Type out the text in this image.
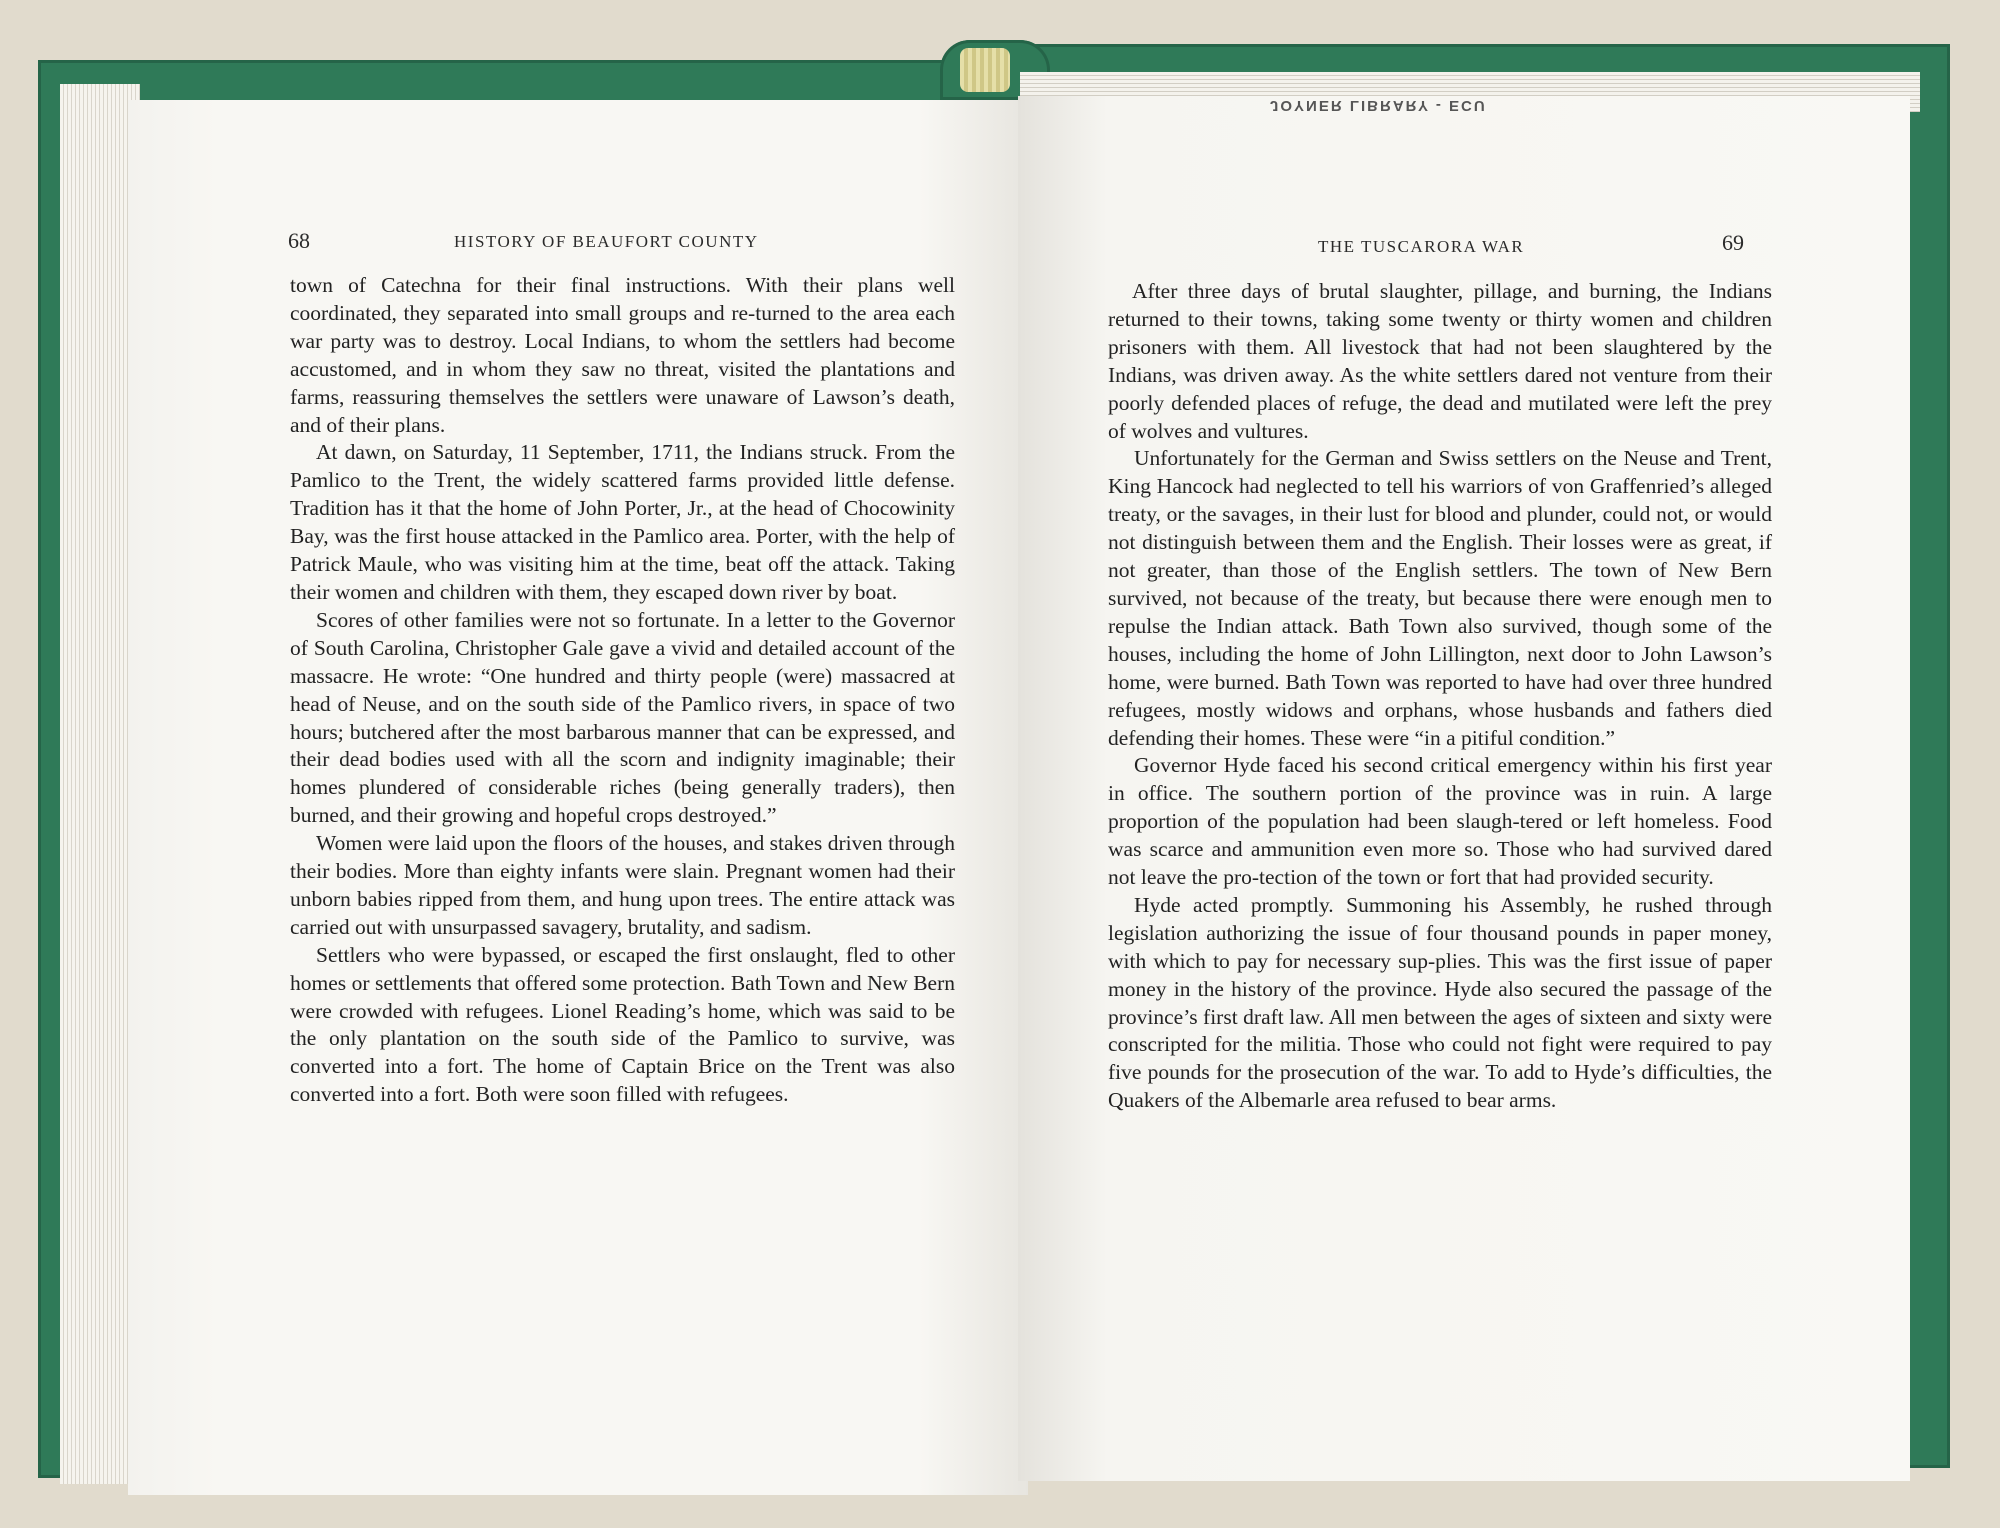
68	HISTORY OF BEAUFORT COUNTY

town of Catechna for their final instructions. With their plans well coordinated, they separated into small groups and re-turned to the area each war party was to destroy. Local Indians, to whom the settlers had become accustomed, and in whom they saw no threat, visited the plantations and farms, reassuring themselves the settlers were unaware of Lawson’s death, and of their plans.

At dawn, on Saturday, 11 September, 1711, the Indians struck. From the Pamlico to the Trent, the widely scattered farms provided little defense. Tradition has it that the home of John Porter, Jr., at the head of Chocowinity Bay, was the first house attacked in the Pamlico area. Porter, with the help of Patrick Maule, who was visiting him at the time, beat off the attack. Taking their women and children with them, they escaped down river by boat.

Scores of other families were not so fortunate. In a letter to the Governor of South Carolina, Christopher Gale gave a vivid and detailed account of the massacre. He wrote: “One hundred and thirty people (were) massacred at head of Neuse, and on the south side of the Pamlico rivers, in space of two hours; butchered after the most barbarous manner that can be expressed, and their dead bodies used with all the scorn and indignity imaginable; their homes plundered of considerable riches (being generally traders), then burned, and their growing and hopeful crops destroyed.”

Women were laid upon the floors of the houses, and stakes driven through their bodies. More than eighty infants were slain. Pregnant women had their unborn babies ripped from them, and hung upon trees. The entire attack was carried out with unsurpassed savagery, brutality, and sadism.

Settlers who were bypassed, or escaped the first onslaught, fled to other homes or settlements that offered some protection. Bath Town and New Bern were crowded with refugees. Lionel Reading’s home, which was said to be the only plantation on the south side of the Pamlico to survive, was converted into a fort. The home of Captain Brice on the Trent was also converted into a fort. Both were soon filled with refugees.

THE TUSCARORA WAR	69

After three days of brutal slaughter, pillage, and burning, the Indians returned to their towns, taking some twenty or thirty women and children prisoners with them. All livestock that had not been slaughtered by the Indians, was driven away. As the white settlers dared not venture from their poorly defended places of refuge, the dead and mutilated were left the prey of wolves and vultures.

Unfortunately for the German and Swiss settlers on the Neuse and Trent, King Hancock had neglected to tell his warriors of von Graffenried’s alleged treaty, or the savages, in their lust for blood and plunder, could not, or would not distinguish between them and the English. Their losses were as great, if not greater, than those of the English settlers. The town of New Bern survived, not because of the treaty, but because there were enough men to repulse the Indian attack. Bath Town also survived, though some of the houses, including the home of John Lillington, next door to John Lawson’s home, were burned. Bath Town was reported to have had over three hundred refugees, mostly widows and orphans, whose husbands and fathers died defending their homes. These were “in a pitiful condition.”

Governor Hyde faced his second critical emergency within his first year in office. The southern portion of the province was in ruin. A large proportion of the population had been slaugh-tered or left homeless. Food was scarce and ammunition even more so. Those who had survived dared not leave the pro-tection of the town or fort that had provided security.

Hyde acted promptly. Summoning his Assembly, he rushed through legislation authorizing the issue of four thousand pounds in paper money, with which to pay for necessary sup-plies. This was the first issue of paper money in the history of the province. Hyde also secured the passage of the province’s first draft law. All men between the ages of sixteen and sixty were conscripted for the militia. Those who could not fight were required to pay five pounds for the prosecution of the war. To add to Hyde’s difficulties, the Quakers of the Albemarle area refused to bear arms.

JOYNER LIBRARY - ECU
